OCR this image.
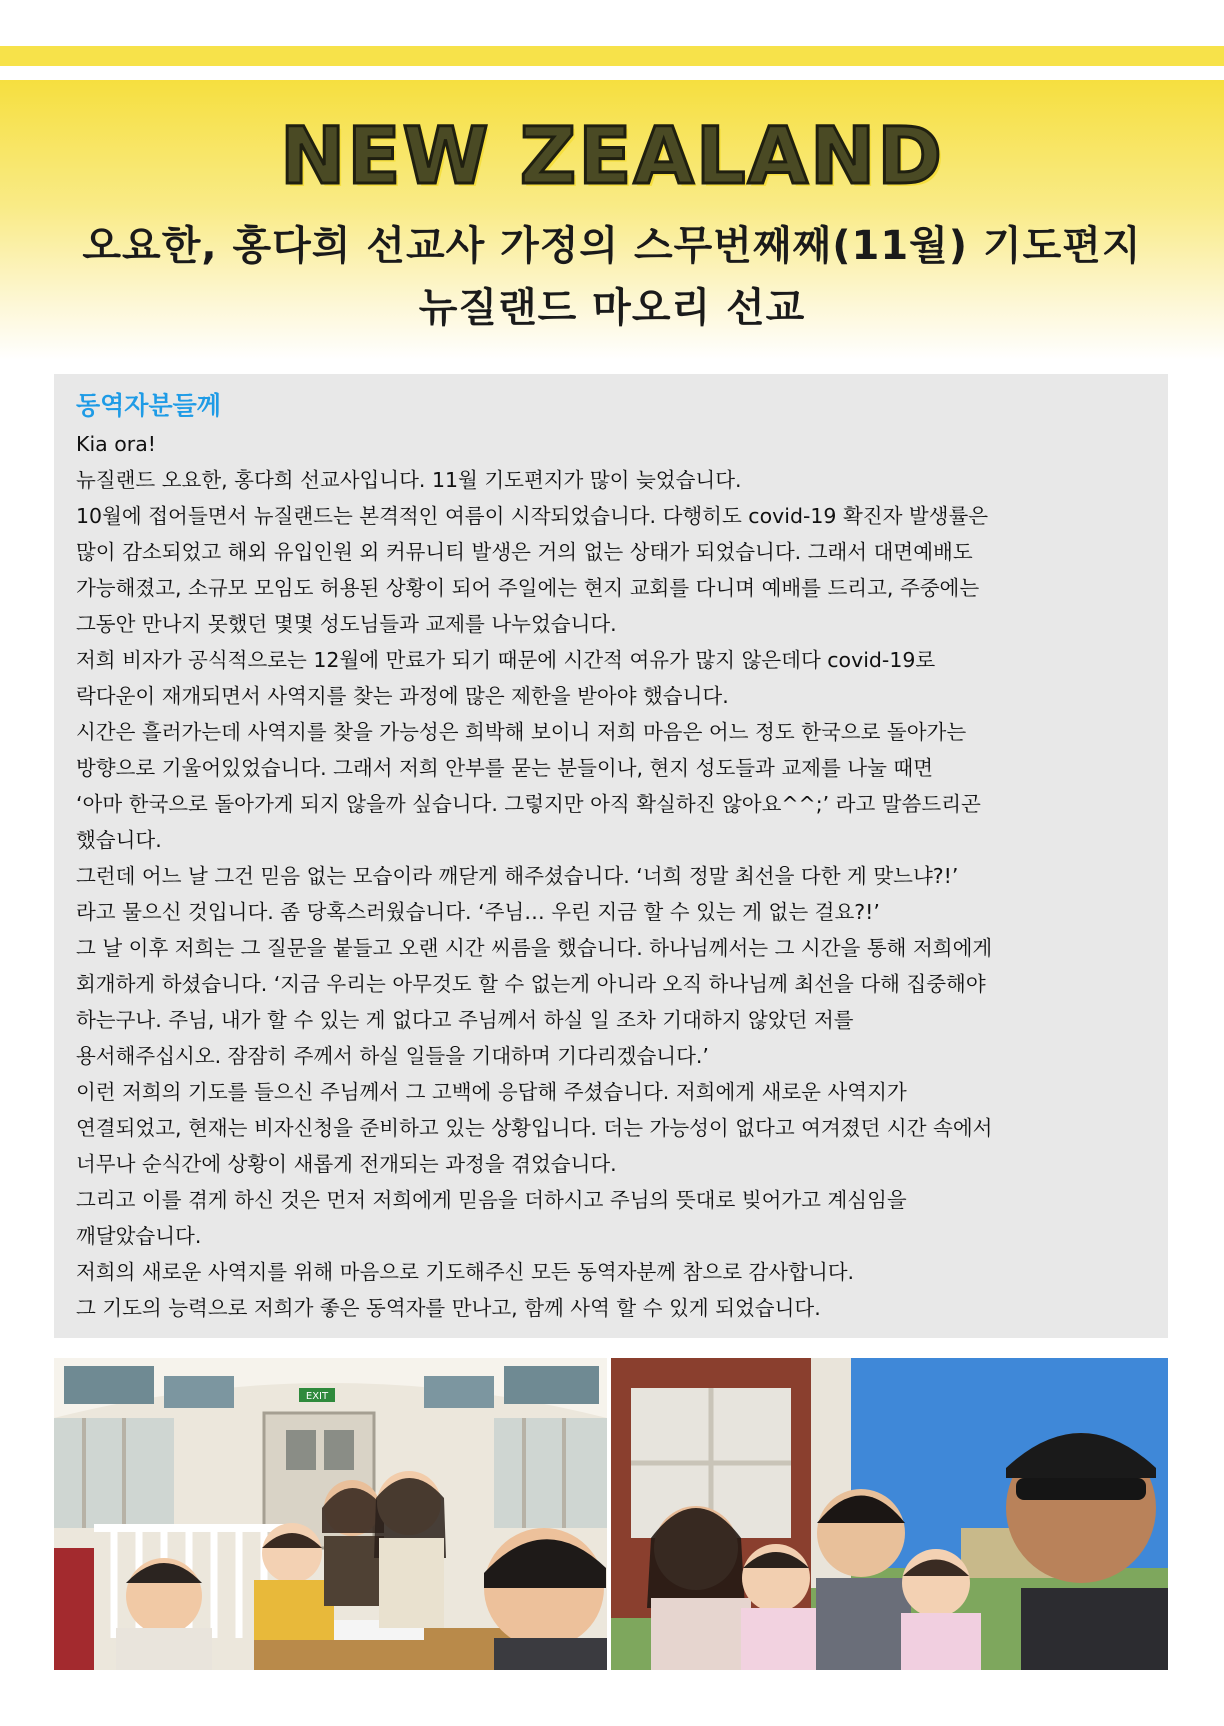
NEW ZEALAND
오요한, 홍다희 선교사 가정의 스무번째째(11월) 기도편지
뉴질랜드 마오리 선교
동역자분들께
Kia ora!
뉴질랜드 오요한, 홍다희 선교사입니다. 11월 기도편지가 많이 늦었습니다.
10월에 접어들면서 뉴질랜드는 본격적인 여름이 시작되었습니다. 다행히도 covid-19 확진자 발생률은
많이 감소되었고 해외 유입인원 외 커뮤니티 발생은 거의 없는 상태가 되었습니다. 그래서 대면예배도
가능해졌고, 소규모 모임도 허용된 상황이 되어 주일에는 현지 교회를 다니며 예배를 드리고, 주중에는
그동안 만나지 못했던 몇몇 성도님들과 교제를 나누었습니다.
저희 비자가 공식적으로는 12월에 만료가 되기 때문에 시간적 여유가 많지 않은데다 covid-19로
락다운이 재개되면서 사역지를 찾는 과정에 많은 제한을 받아야 했습니다.
시간은 흘러가는데 사역지를 찾을 가능성은 희박해 보이니 저희 마음은 어느 정도 한국으로 돌아가는
방향으로 기울어있었습니다. 그래서 저희 안부를 묻는 분들이나, 현지 성도들과 교제를 나눌 때면
‘아마 한국으로 돌아가게 되지 않을까 싶습니다. 그렇지만 아직 확실하진 않아요^^;’ 라고 말씀드리곤
했습니다.
그런데 어느 날 그건 믿음 없는 모습이라 깨닫게 해주셨습니다. ‘너희 정말 최선을 다한 게 맞느냐?!’
라고 물으신 것입니다. 좀 당혹스러웠습니다. ‘주님… 우린 지금 할 수 있는 게 없는 걸요?!’
그 날 이후 저희는 그 질문을 붙들고 오랜 시간 씨름을 했습니다. 하나님께서는 그 시간을 통해 저희에게
회개하게 하셨습니다. ‘지금 우리는 아무것도 할 수 없는게 아니라 오직 하나님께 최선을 다해 집중해야
하는구나. 주님, 내가 할 수 있는 게 없다고 주님께서 하실 일 조차 기대하지 않았던 저를
용서해주십시오. 잠잠히 주께서 하실 일들을 기대하며 기다리겠습니다.’
이런 저희의 기도를 들으신 주님께서 그 고백에 응답해 주셨습니다. 저희에게 새로운 사역지가
연결되었고, 현재는 비자신청을 준비하고 있는 상황입니다. 더는 가능성이 없다고 여겨졌던 시간 속에서
너무나 순식간에 상황이 새롭게 전개되는 과정을 겪었습니다.
그리고 이를 겪게 하신 것은 먼저 저희에게 믿음을 더하시고 주님의 뜻대로 빚어가고 계심임을
깨달았습니다.
저희의 새로운 사역지를 위해 마음으로 기도해주신 모든 동역자분께 참으로 감사합니다.
그 기도의 능력으로 저희가 좋은 동역자를 만나고, 함께 사역 할 수 있게 되었습니다.
EXIT
